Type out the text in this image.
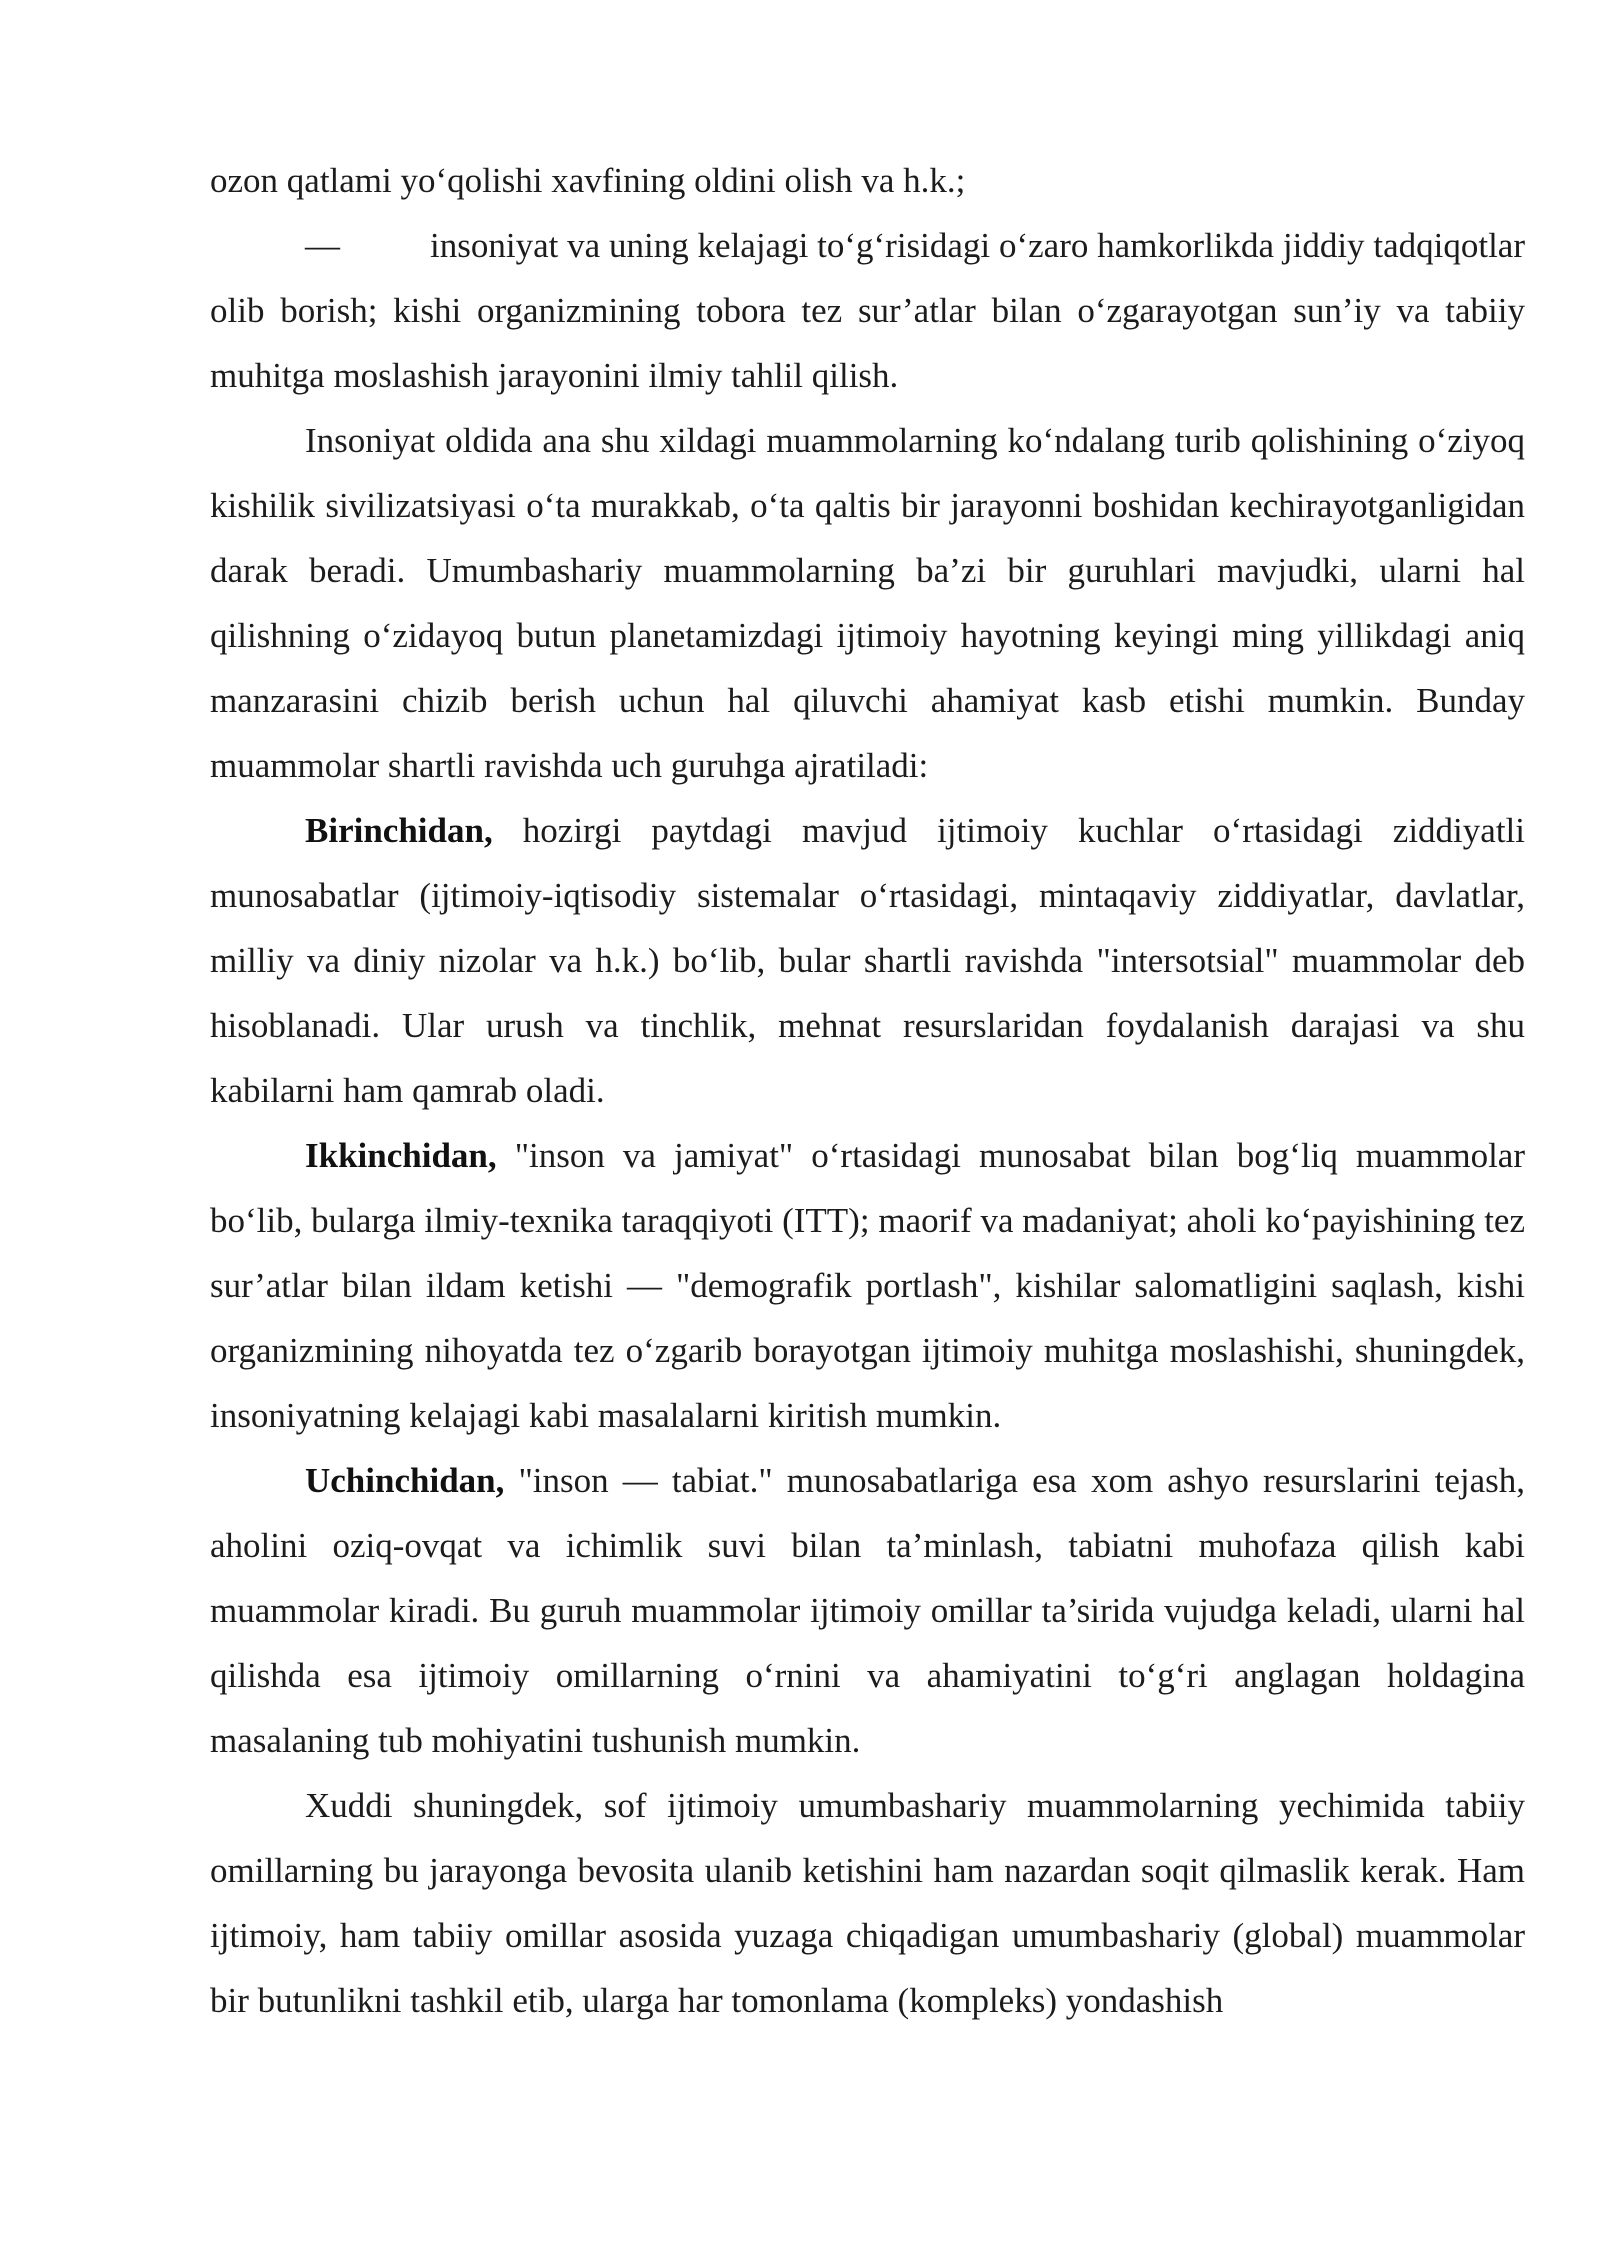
ozon qatlami yo‘qolishi xavfining oldini olish va h.k.;

—	insoniyat va uning kelajagi to‘g‘risidagi o‘zaro hamkorlikda jiddiy tadqiqotlar

olib borish; kishi organizmining tobora tez sur’atlar bilan o‘zgarayotgan sun’iy va tabiiy muhitga moslashish jarayonini ilmiy tahlil qilish.

Insoniyat oldida ana shu xildagi muammolarning ko‘ndalang turib qolishining o‘ziyoq kishilik sivilizatsiyasi o‘ta murakkab, o‘ta qaltis bir jarayonni boshidan kechirayotganligidan darak beradi. Umumbashariy muammolarning ba’zi bir guruhlari mavjudki, ularni hal qilishning o‘zidayoq butun planetamizdagi ijtimoiy hayotning keyingi ming yillikdagi aniq manzarasini chizib berish uchun hal qiluvchi ahamiyat kasb etishi mumkin. Bunday muammolar shartli ravishda uch guruhga ajratiladi:

Birinchidan, hozirgi paytdagi mavjud ijtimoiy kuchlar o‘rtasidagi ziddiyatli munosabatlar (ijtimoiy-iqtisodiy sistemalar o‘rtasidagi, mintaqaviy ziddiyatlar, davlatlar, milliy va diniy nizolar va h.k.) bo‘lib, bular shartli ravishda "intersotsial" muammolar deb hisoblanadi. Ular urush va tinchlik, mehnat resurslaridan foydalanish darajasi va shu kabilarni ham qamrab oladi.

Ikkinchidan, "inson va jamiyat" o‘rtasidagi munosabat bilan bog‘liq muammolar bo‘lib, bularga ilmiy-texnika taraqqiyoti (ITT); maorif va madaniyat; aholi ko‘payishining tez sur’atlar bilan ildam ketishi — "demografik portlash", kishilar salomatligini saqlash, kishi organizmining nihoyatda tez o‘zgarib borayotgan ijtimoiy muhitga moslashishi, shuningdek, insoniyatning kelajagi kabi masalalarni kiritish mumkin.

Uchinchidan, "inson — tabiat." munosabatlariga esa xom ashyo resurslarini tejash, aholini oziq-ovqat va ichimlik suvi bilan ta’minlash, tabiatni muhofaza qilish kabi muammolar kiradi. Bu guruh muammolar ijtimoiy omillar ta’sirida vujudga keladi, ularni hal qilishda esa ijtimoiy omillarning o‘rnini va ahamiyatini to‘g‘ri anglagan holdagina masalaning tub mohiyatini tushunish mumkin.

Xuddi shuningdek, sof ijtimoiy umumbashariy muammolarning yechimida tabiiy omillarning bu jarayonga bevosita ulanib ketishini ham nazardan soqit qilmaslik kerak. Ham ijtimoiy, ham tabiiy omillar asosida yuzaga chiqadigan umumbashariy (global) muammolar bir butunlikni tashkil etib, ularga har tomonlama (kompleks) yondashish
